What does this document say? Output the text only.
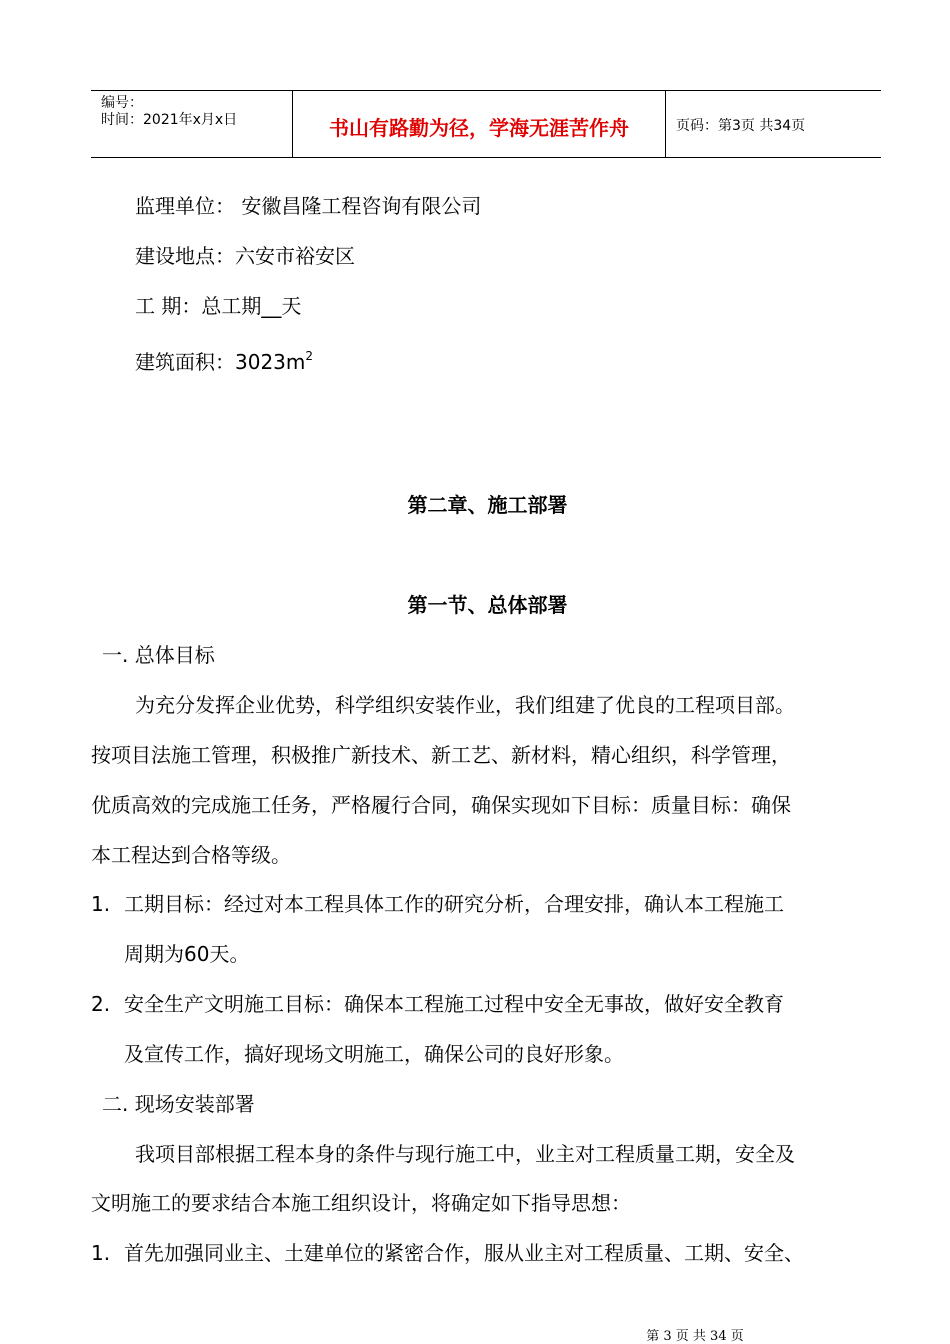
编号：
时间：2021年x月x日	书山有路勤为径，学海无涯苦作舟	页码：第3页 共34页
监理单位： 安徽昌隆工程咨询有限公司
建设地点：六安市裕安区
工 期：总工期__天
建筑面积：$3023m^2$
第二章、施工部署
第一节、总体部署
一. 总体目标
为充分发挥企业优势，科学组织安装作业，我们组建了优良的工程项目部。
按项目法施工管理，积极推广新技术、新工艺、新材料，精心组织，科学管理，
优质高效的完成施工任务，严格履行合同，确保实现如下目标：质量目标：确保
本工程达到合格等级。
1. 工期目标：经过对本工程具体工作的研究分析，合理安排，确认本工程施工
周期为60天。
2. 安全生产文明施工目标：确保本工程施工过程中安全无事故，做好安全教育
及宣传工作，搞好现场文明施工，确保公司的良好形象。
二. 现场安装部署
我项目部根据工程本身的条件与现行施工中，业主对工程质量工期，安全及
文明施工的要求结合本施工组织设计，将确定如下指导思想：
1. 首先加强同业主、土建单位的紧密合作，服从业主对工程质量、工期、安全、
第 3 页 共 34 页
